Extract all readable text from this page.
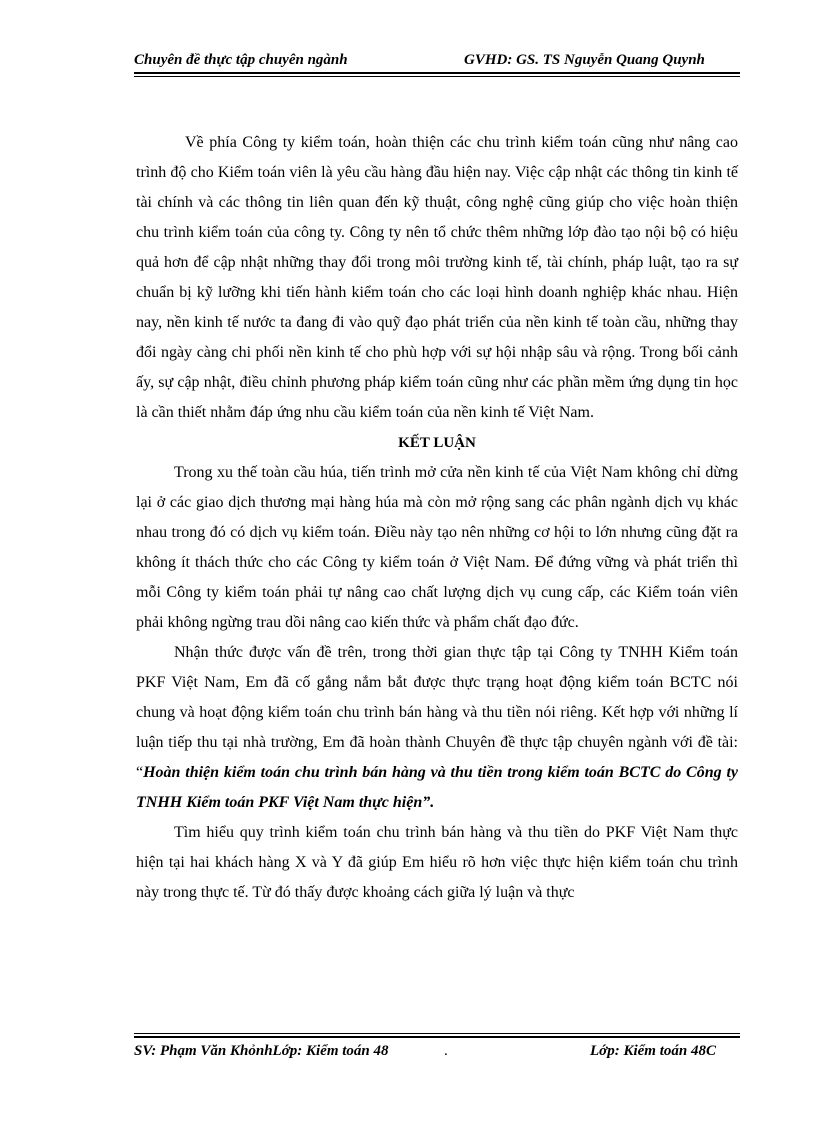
Chuyên đề thực tập chuyên ngành	GVHD: GS. TS Nguyễn Quang Quynh

Về phía Công ty kiểm toán, hoàn thiện các chu trình kiểm toán cũng như nâng cao trình độ cho Kiểm toán viên là yêu cầu hàng đầu hiện nay. Việc cập nhật các thông tin kinh tế tài chính và các thông tin liên quan đến kỹ thuật, công nghệ cũng giúp cho việc hoàn thiện chu trình kiểm toán của công ty. Công ty nên tổ chức thêm những lớp đào tạo nội bộ có hiệu quả hơn để cập nhật những thay đổi trong môi trường kinh tế, tài chính, pháp luật, tạo ra sự chuẩn bị kỹ lưỡng khi tiến hành kiểm toán cho các loại hình doanh nghiệp khác nhau. Hiện nay, nền kinh tế nước ta đang đi vào quỹ đạo phát triển của nền kinh tế toàn cầu, những thay đổi ngày càng chi phối nền kinh tế cho phù hợp với sự hội nhập sâu và rộng. Trong bối cảnh ấy, sự cập nhật, điều chỉnh phương pháp kiểm toán cũng như các phần mềm ứng dụng tin học là cần thiết nhằm đáp ứng nhu cầu kiểm toán của nền kinh tế Việt Nam.

KẾT LUẬN

Trong xu thế toàn cầu húa, tiến trình mở cửa nền kinh tế của Việt Nam không chỉ dừng lại ở các giao dịch thương mại hàng húa mà còn mở rộng sang các phân ngành dịch vụ khác nhau trong đó có dịch vụ kiểm toán. Điều này tạo nên những cơ hội to lớn nhưng cũng đặt ra không ít thách thức cho các Công ty kiểm toán ở Việt Nam. Để đứng vững và phát triển thì mỗi Công ty kiểm toán phải tự nâng cao chất lượng dịch vụ cung cấp, các Kiểm toán viên phải không ngừng trau dồi nâng cao kiến thức và phẩm chất đạo đức.

Nhận thức được vấn đề trên, trong thời gian thực tập tại Công ty TNHH Kiểm toán PKF Việt Nam, Em đã cố gắng nắm bắt được thực trạng hoạt động kiểm toán BCTC nói chung và hoạt động kiểm toán chu trình bán hàng và thu tiền nói riêng. Kết hợp với những lí luận tiếp thu tại nhà trường, Em đã hoàn thành Chuyên đề thực tập chuyên ngành với đề tài: “Hoàn thiện kiểm toán chu trình bán hàng và thu tiền trong kiểm toán BCTC do Công ty TNHH Kiểm toán PKF Việt Nam thực hiện”.

Tìm hiểu quy trình kiểm toán chu trình bán hàng và thu tiền do PKF Việt Nam thực hiện tại hai khách hàng X và Y đã giúp Em hiểu rõ hơn việc thực hiện kiểm toán chu trình này trong thực tế. Từ đó thấy được khoảng cách giữa lý luận và thực

SV: Phạm Văn KhỏnhLớp: Kiểm toán 48	.	Lớp: Kiểm toán 48C
